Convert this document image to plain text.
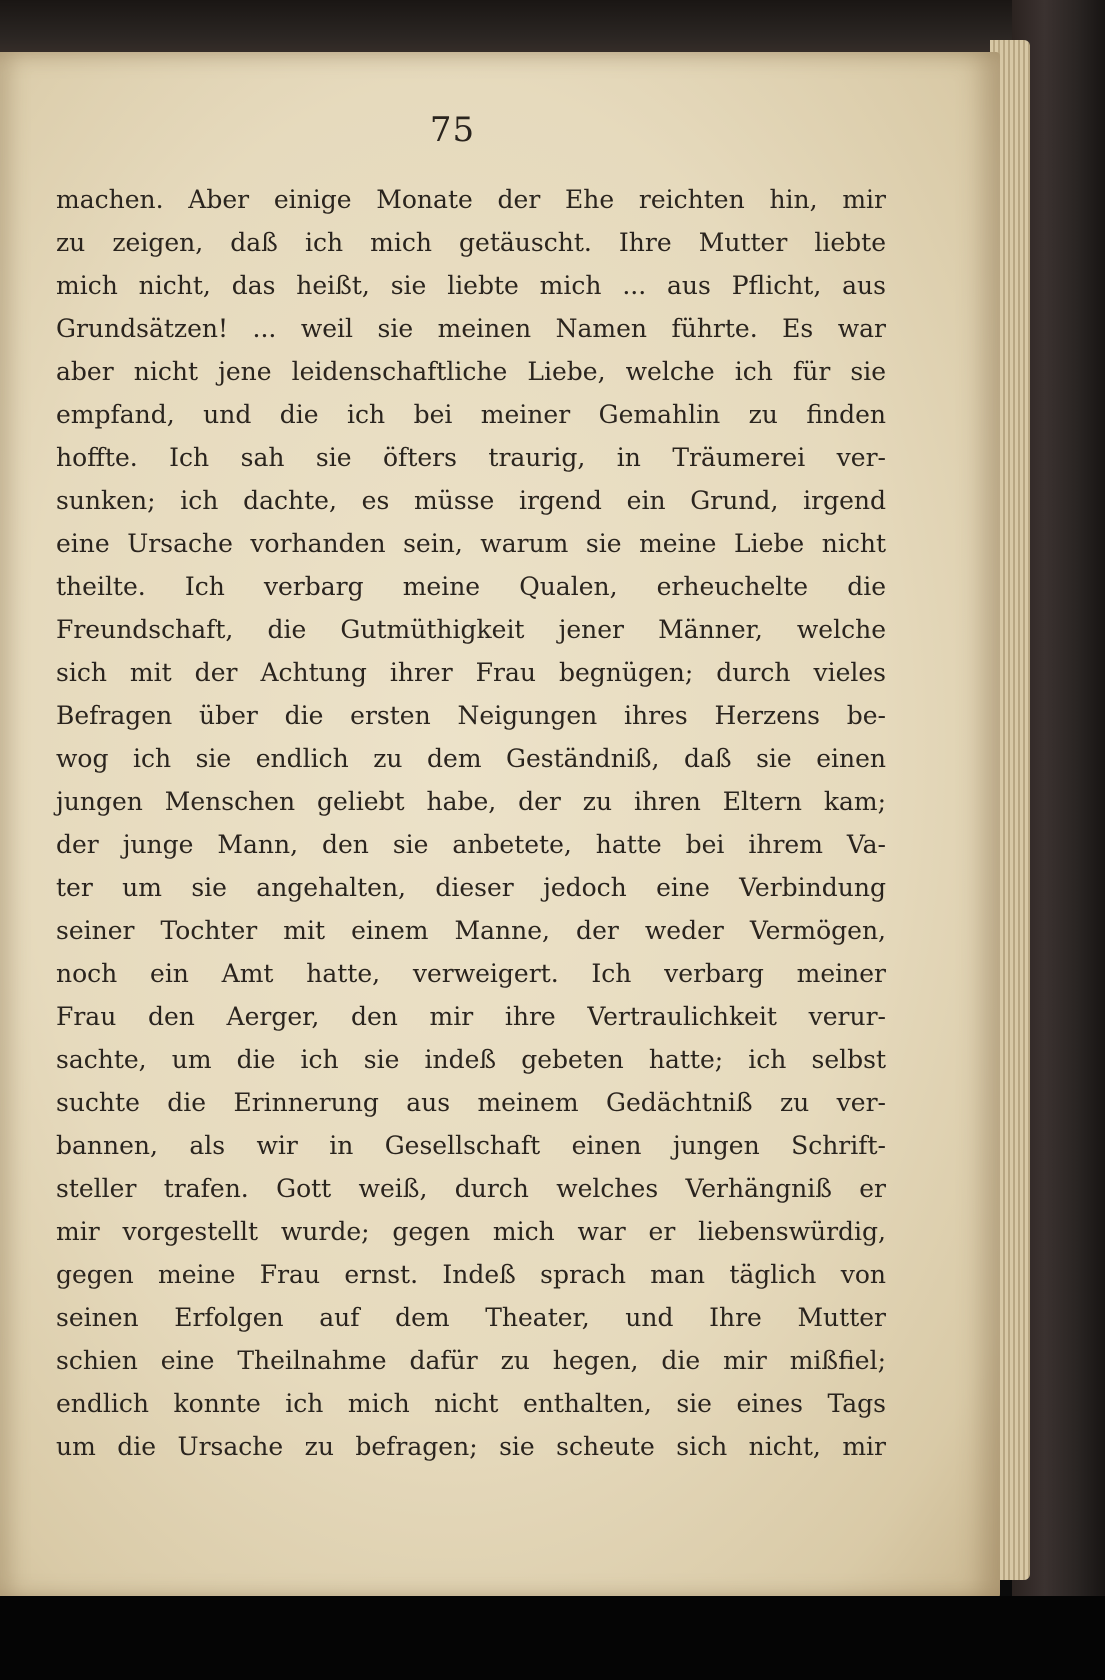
75
machen. Aber einige Monate der Ehe reichten hin, mir
zu zeigen, daß ich mich getäuscht. Ihre Mutter liebte
mich nicht, das heißt, sie liebte mich ... aus Pflicht, aus
Grundsätzen! ... weil sie meinen Namen führte. Es war
aber nicht jene leidenschaftliche Liebe, welche ich für sie
empfand, und die ich bei meiner Gemahlin zu finden
hoffte. Ich sah sie öfters traurig, in Träumerei ver-
sunken; ich dachte, es müsse irgend ein Grund, irgend
eine Ursache vorhanden sein, warum sie meine Liebe nicht
theilte. Ich verbarg meine Qualen, erheuchelte die
Freundschaft, die Gutmüthigkeit jener Männer, welche
sich mit der Achtung ihrer Frau begnügen; durch vieles
Befragen über die ersten Neigungen ihres Herzens be-
wog ich sie endlich zu dem Geständniß, daß sie einen
jungen Menschen geliebt habe, der zu ihren Eltern kam;
der junge Mann, den sie anbetete, hatte bei ihrem Va-
ter um sie angehalten, dieser jedoch eine Verbindung
seiner Tochter mit einem Manne, der weder Vermögen,
noch ein Amt hatte, verweigert. Ich verbarg meiner
Frau den Aerger, den mir ihre Vertraulichkeit verur-
sachte, um die ich sie indeß gebeten hatte; ich selbst
suchte die Erinnerung aus meinem Gedächtniß zu ver-
bannen, als wir in Gesellschaft einen jungen Schrift-
steller trafen. Gott weiß, durch welches Verhängniß er
mir vorgestellt wurde; gegen mich war er liebenswürdig,
gegen meine Frau ernst. Indeß sprach man täglich von
seinen Erfolgen auf dem Theater, und Ihre Mutter
schien eine Theilnahme dafür zu hegen, die mir mißfiel;
endlich konnte ich mich nicht enthalten, sie eines Tags
um die Ursache zu befragen; sie scheute sich nicht, mir
